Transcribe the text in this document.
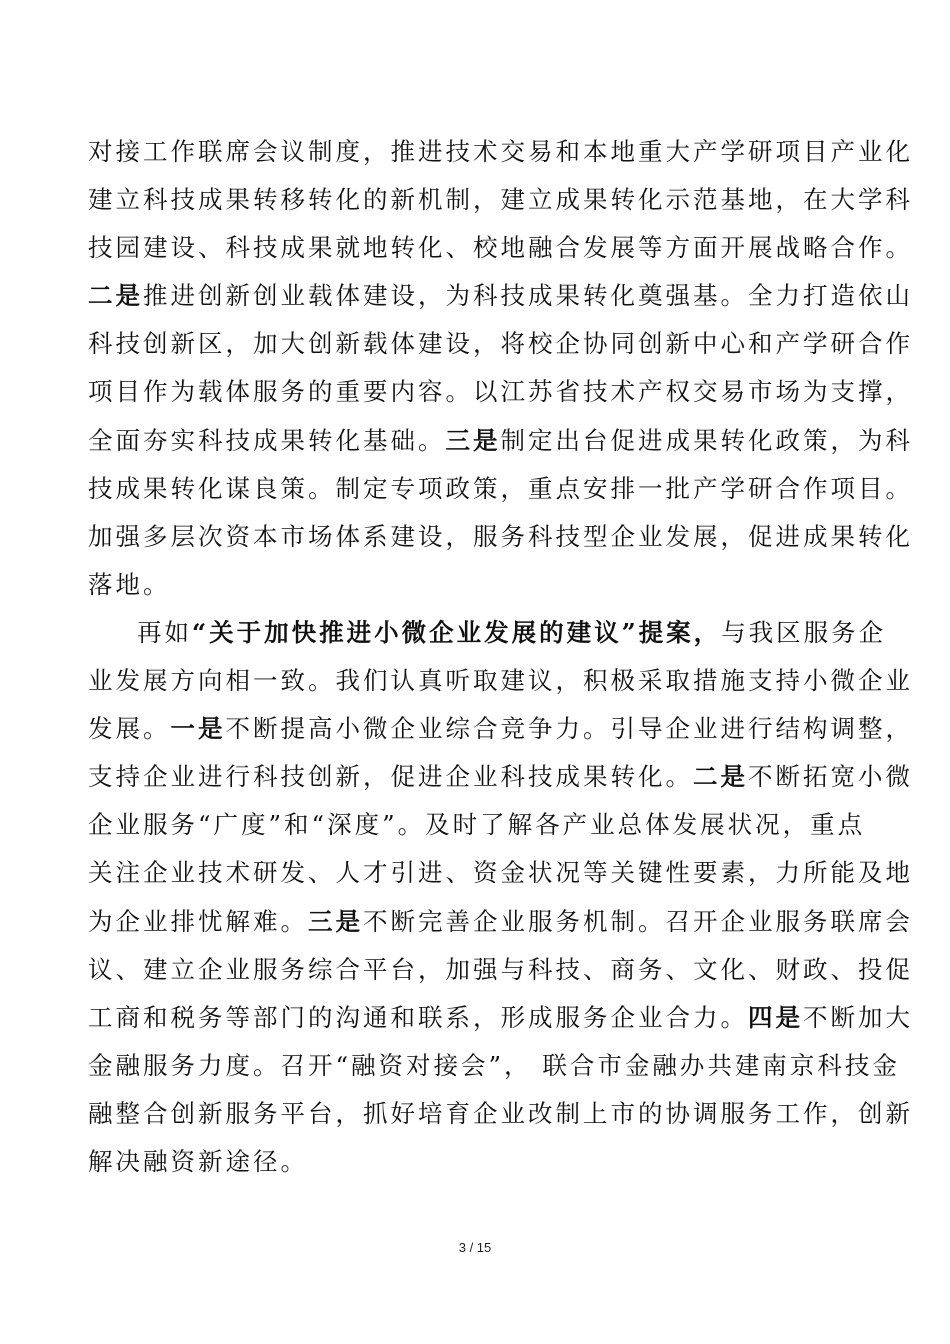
对接工作联席会议制度，推进技术交易和本地重大产学研项目产业化
建立科技成果转移转化的新机制，建立成果转化示范基地，在大学科
技园建设、科技成果就地转化、校地融合发展等方面开展战略合作。
二是推进创新创业载体建设，为科技成果转化奠强基。全力打造依山
科技创新区，加大创新载体建设，将校企协同创新中心和产学研合作
项目作为载体服务的重要内容。以江苏省技术产权交易市场为支撑，
全面夯实科技成果转化基础。三是制定出台促进成果转化政策，为科
技成果转化谋良策。制定专项政策，重点安排一批产学研合作项目。
加强多层次资本市场体系建设，服务科技型企业发展，促进成果转化
落地。
再如“关于加快推进小微企业发展的建议”提案，与我区服务企
业发展方向相一致。我们认真听取建议，积极采取措施支持小微企业
发展。一是不断提高小微企业综合竞争力。引导企业进行结构调整，
支持企业进行科技创新，促进企业科技成果转化。二是不断拓宽小微
企业服务“广度”和“深度”。及时了解各产业总体发展状况，重点
关注企业技术研发、人才引进、资金状况等关键性要素，力所能及地
为企业排忧解难。三是不断完善企业服务机制。召开企业服务联席会
议、建立企业服务综合平台，加强与科技、商务、文化、财政、投促
工商和税务等部门的沟通和联系，形成服务企业合力。四是不断加大
金融服务力度。召开“融资对接会”， 联合市金融办共建南京科技金
融整合创新服务平台，抓好培育企业改制上市的协调服务工作，创新
解决融资新途径。
3 / 15
